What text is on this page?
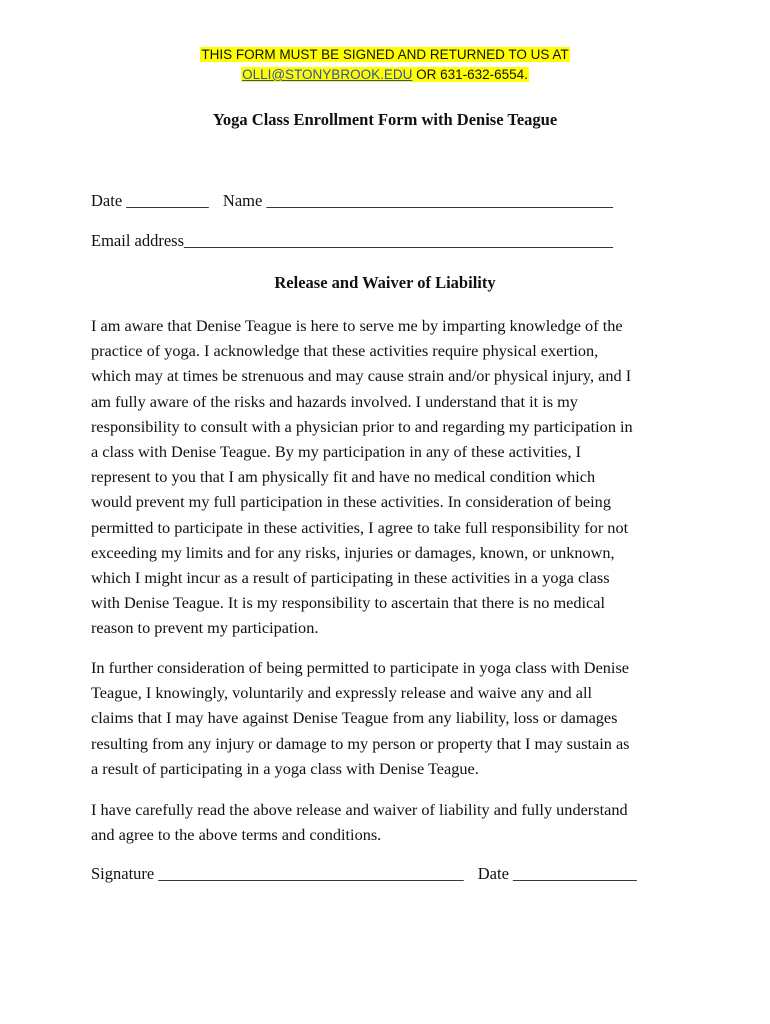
THIS FORM MUST BE SIGNED AND RETURNED TO US AT
OLLI@STONYBROOK.EDU OR 631-632-6554.
Yoga Class Enrollment Form with Denise Teague
Date __________ Name __________________________________________
Email address____________________________________________________
Release and Waiver of Liability
I am aware that Denise Teague is here to serve me by imparting knowledge of the
practice of yoga. I acknowledge that these activities require physical exertion,
which may at times be strenuous and may cause strain and/or physical injury, and I
am fully aware of the risks and hazards involved. I understand that it is my
responsibility to consult with a physician prior to and regarding my participation in
a class with Denise Teague. By my participation in any of these activities, I
represent to you that I am physically fit and have no medical condition which
would prevent my full participation in these activities. In consideration of being
permitted to participate in these activities, I agree to take full responsibility for not
exceeding my limits and for any risks, injuries or damages, known, or unknown,
which I might incur as a result of participating in these activities in a yoga class
with Denise Teague. It is my responsibility to ascertain that there is no medical
reason to prevent my participation.
In further consideration of being permitted to participate in yoga class with Denise
Teague, I knowingly, voluntarily and expressly release and waive any and all
claims that I may have against Denise Teague from any liability, loss or damages
resulting from any injury or damage to my person or property that I may sustain as
a result of participating in a yoga class with Denise Teague.
I have carefully read the above release and waiver of liability and fully understand
and agree to the above terms and conditions.
Signature _____________________________________ Date _______________
